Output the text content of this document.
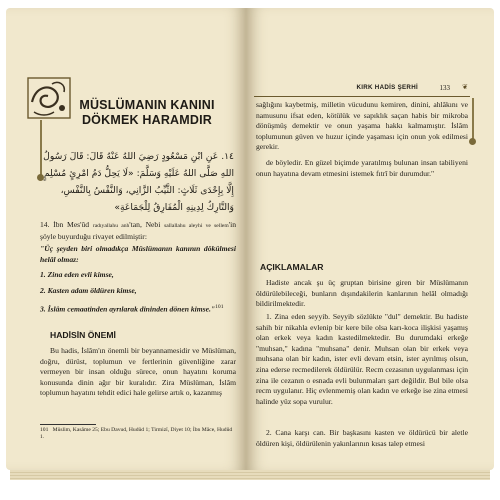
MÜSLÜMANIN KANINI
DÖKMEK HARAMDIR
١٤. عَنِ ابْنِ مَسْعُودٍ رَضِيَ اللهُ عَنْهُ قَالَ: قَالَ رَسُولُ اللهِ صَلَّى اللهُ عَلَيْهِ وَسَلَّمَ: «لَا يَحِلُّ دَمُ امْرِئٍ مُسْلِمٍ إِلَّا بِإِحْدَى ثَلَاثٍ: الثَّيِّبُ الزَّانِي، وَالنَّفْسُ بِالنَّفْسِ، وَالتَّارِكُ لِدِينِهِ الْمُفَارِقُ لِلْجَمَاعَةِ»
14. İbn Mes'ûd radıyallahu anh'tan, Nebi sallallahu aleyhi ve sellem'in şöyle buyurduğu rivayet edilmiştir:
"Üç şeyden biri olmadıkça Müslümanın kanının dökülmesi helâl olmaz:
1. Zina eden evli kimse,
2. Kasten adam öldüren kimse,
3. İslâm cemaatinden ayrılarak dininden dönen kimse."$^{101}$
HADİSİN ÖNEMİ
Bu hadis, İslâm'ın önemli bir beyannamesidir ve Müslüman, doğru, dürüst, toplumun ve fertlerinin güvenliğine zarar vermeyen bir insan olduğu sürece, onun hayatını koruma konusunda dinin ağır bir kuralıdır. Zira Müslüman, İslâm toplumun hayatını tehdit edici hale gelirse artık o, kazanmış
101 Müslim, Kasâme 25; Ebu Davud, Hudûd 1; Tirmizî, Diyet 10; İbn Mâce, Hudûd 1.
KIRK HADİS ŞERHİ	133 ❦
sağlığını kaybetmiş, milletin vücudunu kemiren, dinini, ahlâkını ve namusunu ifsat eden, kötülük ve sapıklık saçan habis bir mikroba dönüşmüş demektir ve onun yaşama hakkı kalmamıştır. İslâm toplumunun güven ve huzur içinde yaşaması için onun yok edilmesi gerekir.
de böyledir. En güzel biçimde yaratılmış bulunan insan tabiliyeni onun hayatına devam etmesini istemek fıtrî bir durumdur."
AÇIKLAMALAR
Hadiste ancak şu üç gruptan birisine giren bir Müslümanın öldürülebileceği, bunların dışındakilerin kanlarının helâl olmadığı bildirilmektedir.
1. Zina eden seyyib. Seyyib sözlükte "dul" demektir. Bu hadiste sahih bir nikahla evlenip bir kere bile olsa karı-koca ilişkisi yaşamış olan erkek veya kadın kastedilmektedir. Bu durumdaki erkeğe "muhsan," kadına "muhsana" denir. Muhsan olan bir erkek veya muhsana olan bir kadın, ister evli devam etsin, ister ayrılmış olsun, zina ederse recmedilerek öldürülür. Recm cezasının uygulanması için zina ile cezanın o esnada evli bulunmaları şart değildir. Bul bile olsa recm uygulanır. Hiç evlenmemiş olan kadın ve erkeğe ise zina etmesi halinde yüz sopa vurulur.
2. Cana karşı can. Bir başkasını kasten ve öldürücü bir aletle öldüren kişi, öldürülenin yakınlarının kısas talep etmesi
